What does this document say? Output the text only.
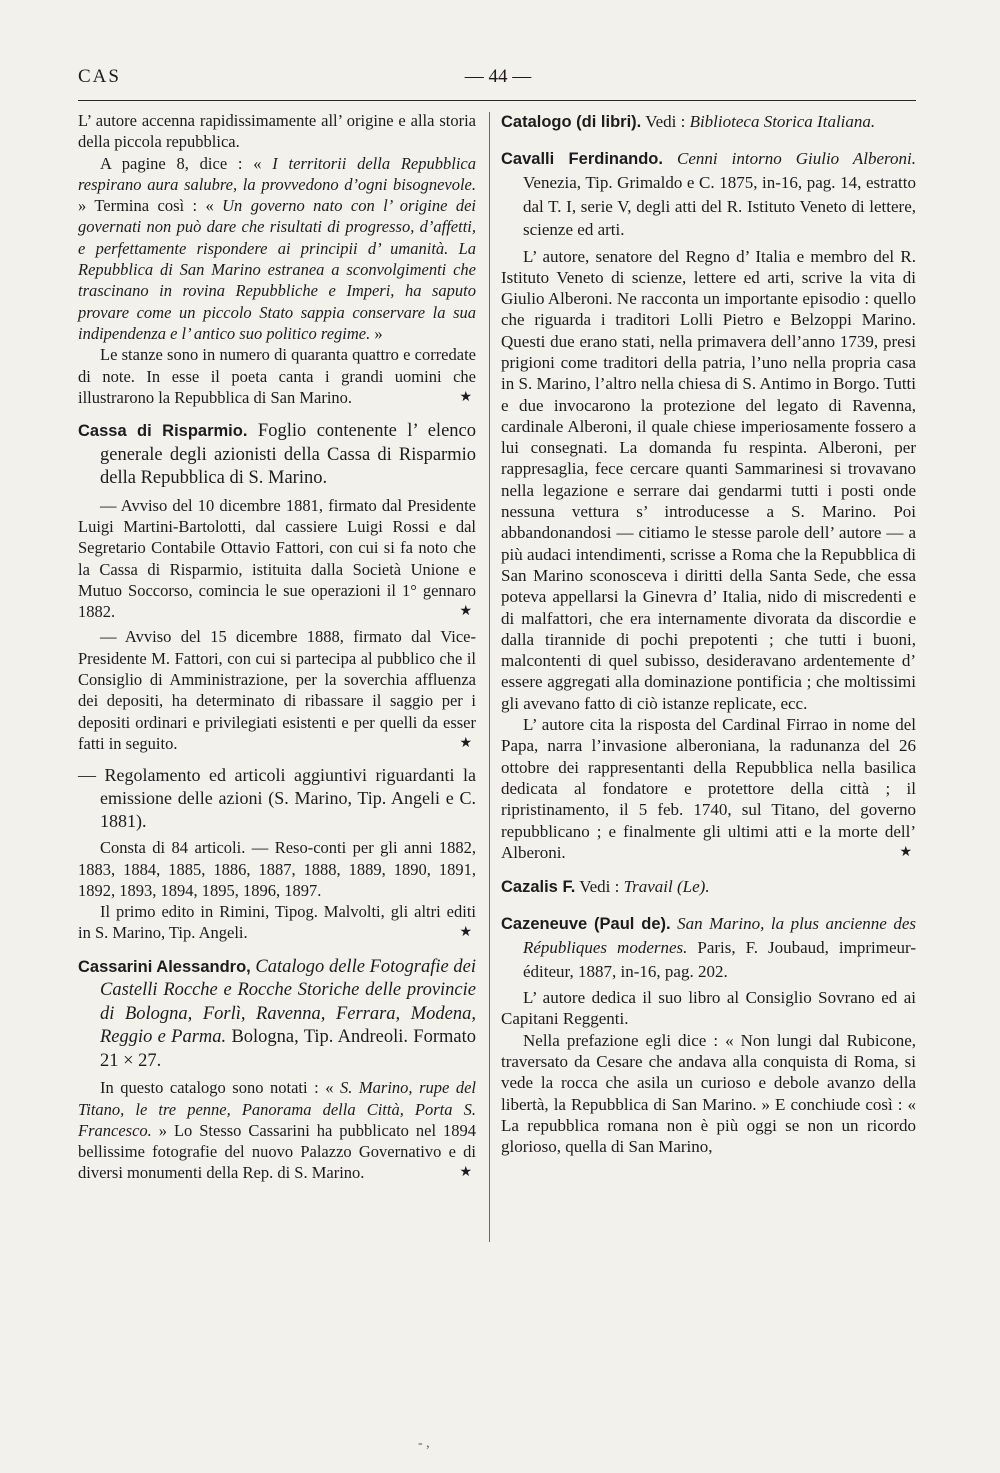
CAS	— 44 —

L’ autore accenna rapidissimamente all’ origine e alla storia della piccola repubblica.

A pagine 8, dice : « I territorii della Repubblica respirano aura salubre, la provvedono d’ogni bisognevole. » Termina così : « Un governo nato con l’ origine dei governati non può dare che risultati di progresso, d’affetti, e perfettamente rispondere ai principii d’ umanità. La Repubblica di San Marino estranea a sconvolgimenti che trascinano in rovina Repubbliche e Imperi, ha saputo provare come un piccolo Stato sappia conservare la sua indipendenza e l’ antico suo politico regime. »

Le stanze sono in numero di quaranta quattro e corredate di note. In esse il poeta canta i grandi uomini che illustrarono la Repubblica di San Marino.	★

Cassa di Risparmio. Foglio contenente l’ elenco generale degli azionisti della Cassa di Risparmio della Repubblica di S. Marino.

— Avviso del 10 dicembre 1881, firmato dal Presidente Luigi Martini-Bartolotti, dal cassiere Luigi Rossi e dal Segretario Contabile Ottavio Fattori, con cui si fa noto che la Cassa di Risparmio, istituita dalla Società Unione e Mutuo Soccorso, comincia le sue operazioni il 1° gennaro 1882.	★

— Avviso del 15 dicembre 1888, firmato dal Vice-Presidente M. Fattori, con cui si partecipa al pubblico che il Consiglio di Amministrazione, per la soverchia affluenza dei depositi, ha determinato di ribassare il saggio per i depositi ordinari e privilegiati esistenti e per quelli da esser fatti in seguito.	★

— Regolamento ed articoli aggiuntivi riguardanti la emissione delle azioni (S. Marino, Tip. Angeli e C. 1881).

Consta di 84 articoli. — Reso-conti per gli anni 1882, 1883, 1884, 1885, 1886, 1887, 1888, 1889, 1890, 1891, 1892, 1893, 1894, 1895, 1896, 1897.

Il primo edito in Rimini, Tipog. Malvolti, gli altri editi in S. Marino, Tip. Angeli.	★

Cassarini Alessandro, Catalogo delle Fotografie dei Castelli Rocche e Rocche Storiche delle provincie di Bologna, Forlì, Ravenna, Ferrara, Modena, Reggio e Parma. Bologna, Tip. Andreoli. Formato 21 × 27.

In questo catalogo sono notati : « S. Marino, rupe del Titano, le tre penne, Panorama della Città, Porta S. Francesco. » Lo Stesso Cassarini ha pubblicato nel 1894 bellissime fotografie del nuovo Palazzo Governativo e di diversi monumenti della Rep. di S. Marino.	★

Catalogo (di libri). Vedi : Biblioteca Storica Italiana.

Cavalli Ferdinando. Cenni intorno Giulio Alberoni. Venezia, Tip. Grimaldo e C. 1875, in-16, pag. 14, estratto dal T. I, serie V, degli atti del R. Istituto Veneto di lettere, scienze ed arti.

L’ autore, senatore del Regno d’ Italia e membro del R. Istituto Veneto di scienze, lettere ed arti, scrive la vita di Giulio Alberoni. Ne racconta un importante episodio : quello che riguarda i traditori Lolli Pietro e Belzoppi Marino. Questi due erano stati, nella primavera dell’anno 1739, presi prigioni come traditori della patria, l’uno nella propria casa in S. Marino, l’altro nella chiesa di S. Antimo in Borgo. Tutti e due invocarono la protezione del legato di Ravenna, cardinale Alberoni, il quale chiese imperiosamente fossero a lui consegnati. La domanda fu respinta. Alberoni, per rappresaglia, fece cercare quanti Sammarinesi si trovavano nella legazione e serrare dai gendarmi tutti i posti onde nessuna vettura s’ introducesse a S. Marino. Poi abbandonandosi — citiamo le stesse parole dell’ autore — a più audaci intendimenti, scrisse a Roma che la Repubblica di San Marino sconosceva i diritti della Santa Sede, che essa poteva appellarsi la Ginevra d’ Italia, nido di miscredenti e di malfattori, che era internamente divorata da discordie e dalla tirannide di pochi prepotenti ; che tutti i buoni, malcontenti di quel subisso, desideravano ardentemente d’ essere aggregati alla dominazione pontificia ; che moltissimi gli avevano fatto di ciò istanze replicate, ecc.

L’ autore cita la risposta del Cardinal Firrao in nome del Papa, narra l’invasione alberoniana, la radunanza del 26 ottobre dei rappresentanti della Repubblica nella basilica dedicata al fondatore e protettore della città ; il ripristinamento, il 5 feb. 1740, sul Titano, del governo repubblicano ; e finalmente gli ultimi atti e la morte dell’ Alberoni.	★

Cazalis F. Vedi : Travail (Le).

Cazeneuve (Paul de). San Marino, la plus ancienne des Républiques modernes. Paris, F. Joubaud, imprimeur-éditeur, 1887, in-16, pag. 202.

L’ autore dedica il suo libro al Consiglio Sovrano ed ai Capitani Reggenti.

Nella prefazione egli dice : « Non lungi dal Rubicone, traversato da Cesare che andava alla conquista di Roma, si vede la rocca che asila un curioso e debole avanzo della libertà, la Repubblica di San Marino. » E conchiude così : « La repubblica romana non è più oggi se non un ricordo glorioso, quella di San Marino,

- ,
